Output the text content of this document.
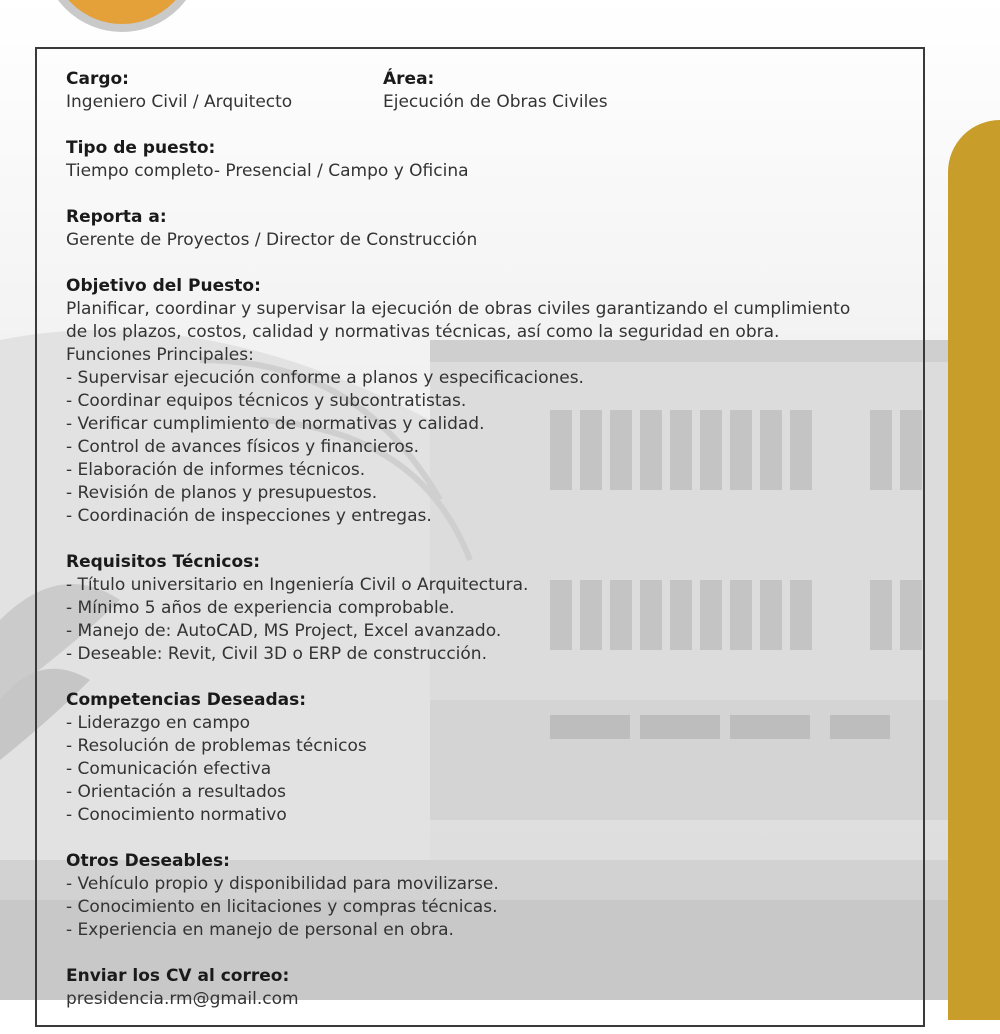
Cargo:
Ingeniero Civil / Arquitecto
Área:
Ejecución de Obras Civiles
Tipo de puesto:
Tiempo completo- Presencial / Campo y Oficina
Reporta a:
Gerente de Proyectos / Director de Construcción
Objetivo del Puesto:
Planificar, coordinar y supervisar la ejecución de obras civiles garantizando el cumplimiento
de los plazos, costos, calidad y normativas técnicas, así como la seguridad en obra.
Funciones Principales:
- Supervisar ejecución conforme a planos y especificaciones.
- Coordinar equipos técnicos y subcontratistas.
- Verificar cumplimiento de normativas y calidad.
- Control de avances físicos y financieros.
- Elaboración de informes técnicos.
- Revisión de planos y presupuestos.
- Coordinación de inspecciones y entregas.
Requisitos Técnicos:
- Título universitario en Ingeniería Civil o Arquitectura.
- Mínimo 5 años de experiencia comprobable.
- Manejo de: AutoCAD, MS Project, Excel avanzado.
- Deseable: Revit, Civil 3D o ERP de construcción.
Competencias Deseadas:
- Liderazgo en campo
- Resolución de problemas técnicos
- Comunicación efectiva
- Orientación a resultados
- Conocimiento normativo
Otros Deseables:
- Vehículo propio y disponibilidad para movilizarse.
- Conocimiento en licitaciones y compras técnicas.
- Experiencia en manejo de personal en obra.
Enviar los CV al correo:
presidencia.rm@gmail.com
